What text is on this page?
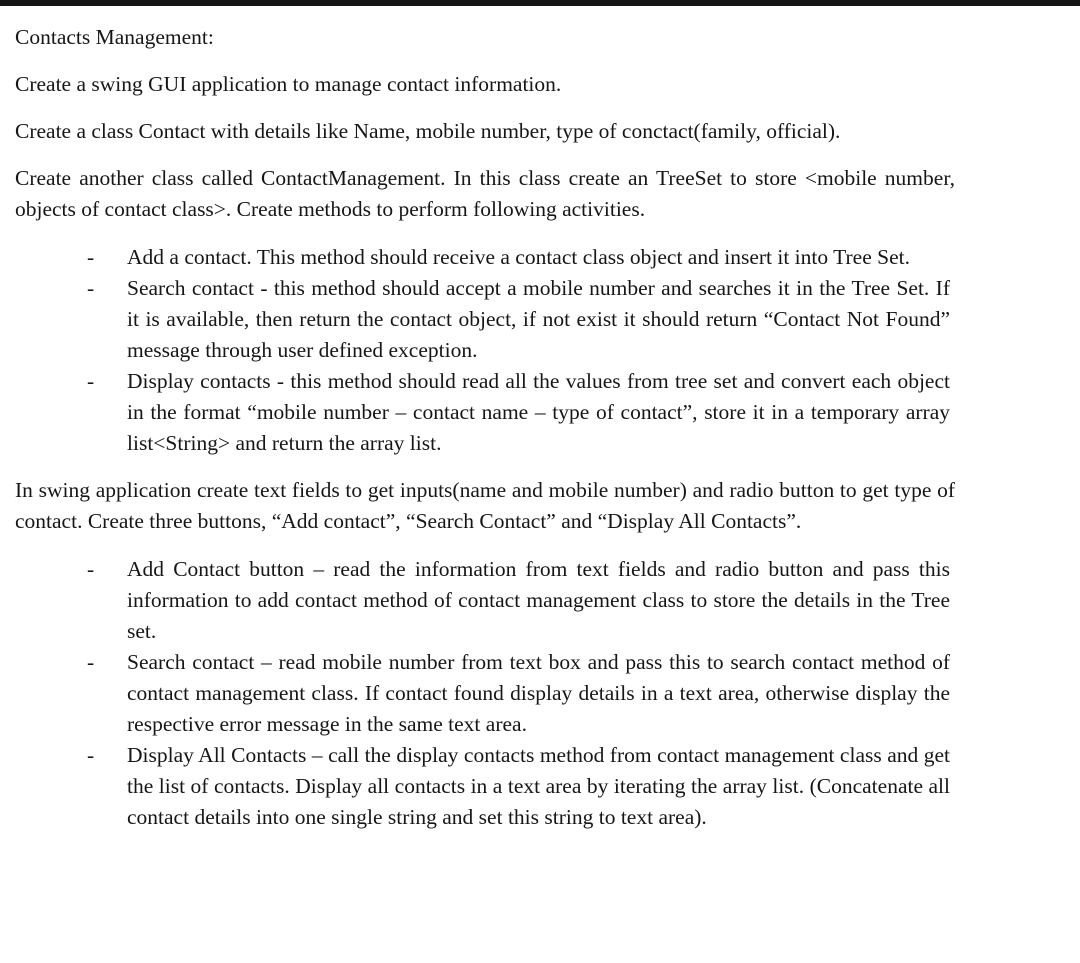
Contacts Management:

Create a swing GUI application to manage contact information.

Create a class Contact with details like Name, mobile number, type of conctact(family, official).

Create another class called ContactManagement. In this class create an TreeSet to store <mobile number, objects of contact class>. Create methods to perform following activities.

- Add a contact. This method should receive a contact class object and insert it into Tree Set.
- Search contact - this method should accept a mobile number and searches it in the Tree Set. If it is available, then return the contact object, if not exist it should return “Contact Not Found” message through user defined exception.
- Display contacts - this method should read all the values from tree set and convert each object in the format “mobile number – contact name – type of contact”, store it in a temporary array list<String> and return the array list.

In swing application create text fields to get inputs(name and mobile number) and radio button to get type of contact. Create three buttons, “Add contact”, “Search Contact” and “Display All Contacts”.

- Add Contact button – read the information from text fields and radio button and pass this information to add contact method of contact management class to store the details in the Tree set.
- Search contact – read mobile number from text box and pass this to search contact method of contact management class. If contact found display details in a text area, otherwise display the respective error message in the same text area.
- Display All Contacts – call the display contacts method from contact management class and get the list of contacts. Display all contacts in a text area by iterating the array list. (Concatenate all contact details into one single string and set this string to text area).
